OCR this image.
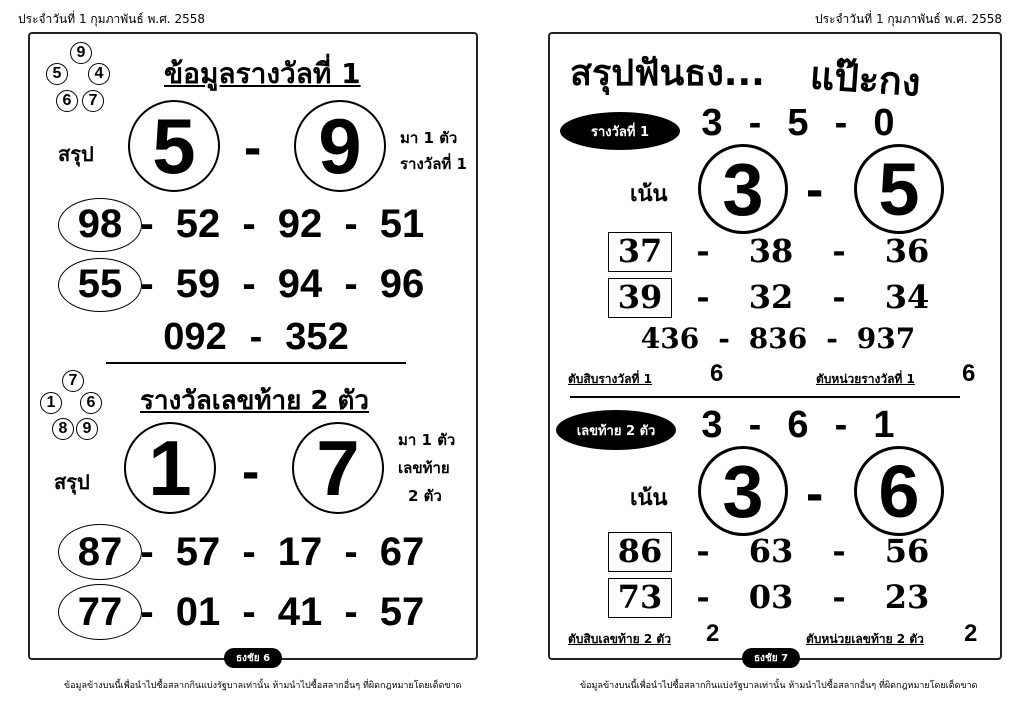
ประจำวันที่ 1 กุมภาพันธ์ พ.ศ. 2558	ประจำวันที่ 1 กุมภาพันธ์ พ.ศ. 2558
9
5	4
6	7
ข้อมูลรางวัลที่ 1
สรุป 5 - 9	มา 1 ตัว
รางวัลที่ 1
98 - 52 - 92 - 51
55 - 59 - 94 - 96
092 - 352
7
1	6
8 9
รางวัลเลขท้าย 2 ตัว
สรุป 1 - 7	มา 1 ตัว
เลขท้าย
2 ตัว
87 - 57 - 17 - 67
77 - 01 - 41 - 57
ธงชัย 6
ข้อมูลข้างบนนี้เพื่อนำไปซื้อสลากกินแบ่งรัฐบาลเท่านั้น ห้ามนำไปซื้อสลากอื่นๆ ที่ผิดกฎหมายโดยเด็ดขาด
สรุปฟันธง... แป๊ะกง
รางวัลที่ 1	3 - 5 - 0
เน้น 3 - 5
37	-	38	-	36
39	-	32	-	34
436 - 836 - 937
ตับสิบรางวัลที่ 1 6	ตับหน่วยรางวัลที่ 1 6
เลขท้าย 2 ตัว	3 - 6 - 1
เน้น 3 - 6
86	-	63	-	56
73	-	03	-	23
ตับสิบเลขท้าย 2 ตัว 2	ตับหน่วยเลขท้าย 2 ตัว 2
ธงชัย 7
ข้อมูลข้างบนนี้เพื่อนำไปซื้อสลากกินแบ่งรัฐบาลเท่านั้น ห้ามนำไปซื้อสลากอื่นๆ ที่ผิดกฎหมายโดยเด็ดขาด
